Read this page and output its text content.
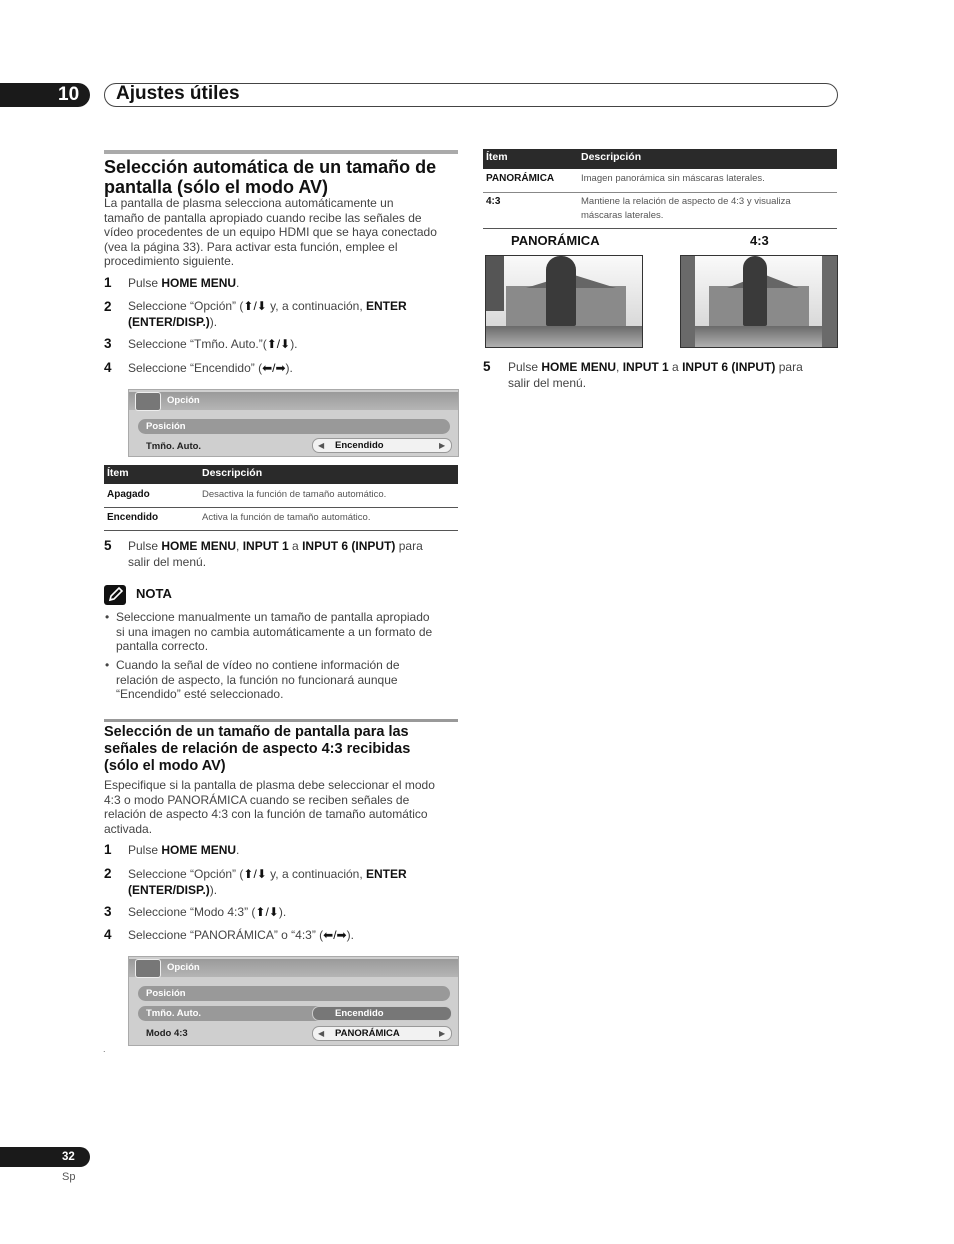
10 Ajustes útiles
Selección automática de un tamaño de
pantalla (sólo el modo AV)
La pantalla de plasma selecciona automáticamente un
tamaño de pantalla apropiado cuando recibe las señales de
vídeo procedentes de un equipo HDMI que se haya conectado
(vea la página 33). Para activar esta función, emplee el
procedimiento siguiente.
1 Pulse HOME MENU.
2 Seleccione “Opción” (⬆/⬇ y, a continuación, ENTER
(ENTER/DISP.)).
3 Seleccione “Tmño. Auto.”(⬆/⬇).
4 Seleccione “Encendido” (⬅/➡).
Opción
Posición
Tmño. Auto.	◀ Encendido	▶
Ítem	Descripción
Apagado	Desactiva la función de tamaño automático.
Encendido	Activa la función de tamaño automático.
5 Pulse HOME MENU, INPUT 1 a INPUT 6 (INPUT) para
salir del menú.
NOTA
• Seleccione manualmente un tamaño de pantalla apropiado
si una imagen no cambia automáticamente a un formato de
pantalla correcto.
• Cuando la señal de vídeo no contiene información de
relación de aspecto, la función no funcionará aunque
“Encendido” esté seleccionado.
Selección de un tamaño de pantalla para las
señales de relación de aspecto 4:3 recibidas
(sólo el modo AV)
Especifique si la pantalla de plasma debe seleccionar el modo
4:3 o modo PANORÁMICA cuando se reciben señales de
relación de aspecto 4:3 con la función de tamaño automático
activada.
1 Pulse HOME MENU.
2 Seleccione “Opción” (⬆/⬇ y, a continuación, ENTER
(ENTER/DISP.)).
3 Seleccione “Modo 4:3” (⬆/⬇).
4 Seleccione “PANORÁMICA” o “4:3” (⬅/➡).
Opción
Posición
Tmño. Auto.	Encendido
Modo 4:3	◀ PANORÁMICA	▶
.
Ítem	Descripción
PANORÁMICA	Imagen panorámica sin máscaras laterales.
4:3	Mantiene la relación de aspecto de 4:3 y visualiza
máscaras laterales.
PANORÁMICA	4:3
5 Pulse HOME MENU, INPUT 1 a INPUT 6 (INPUT) para
salir del menú.
32
Sp
